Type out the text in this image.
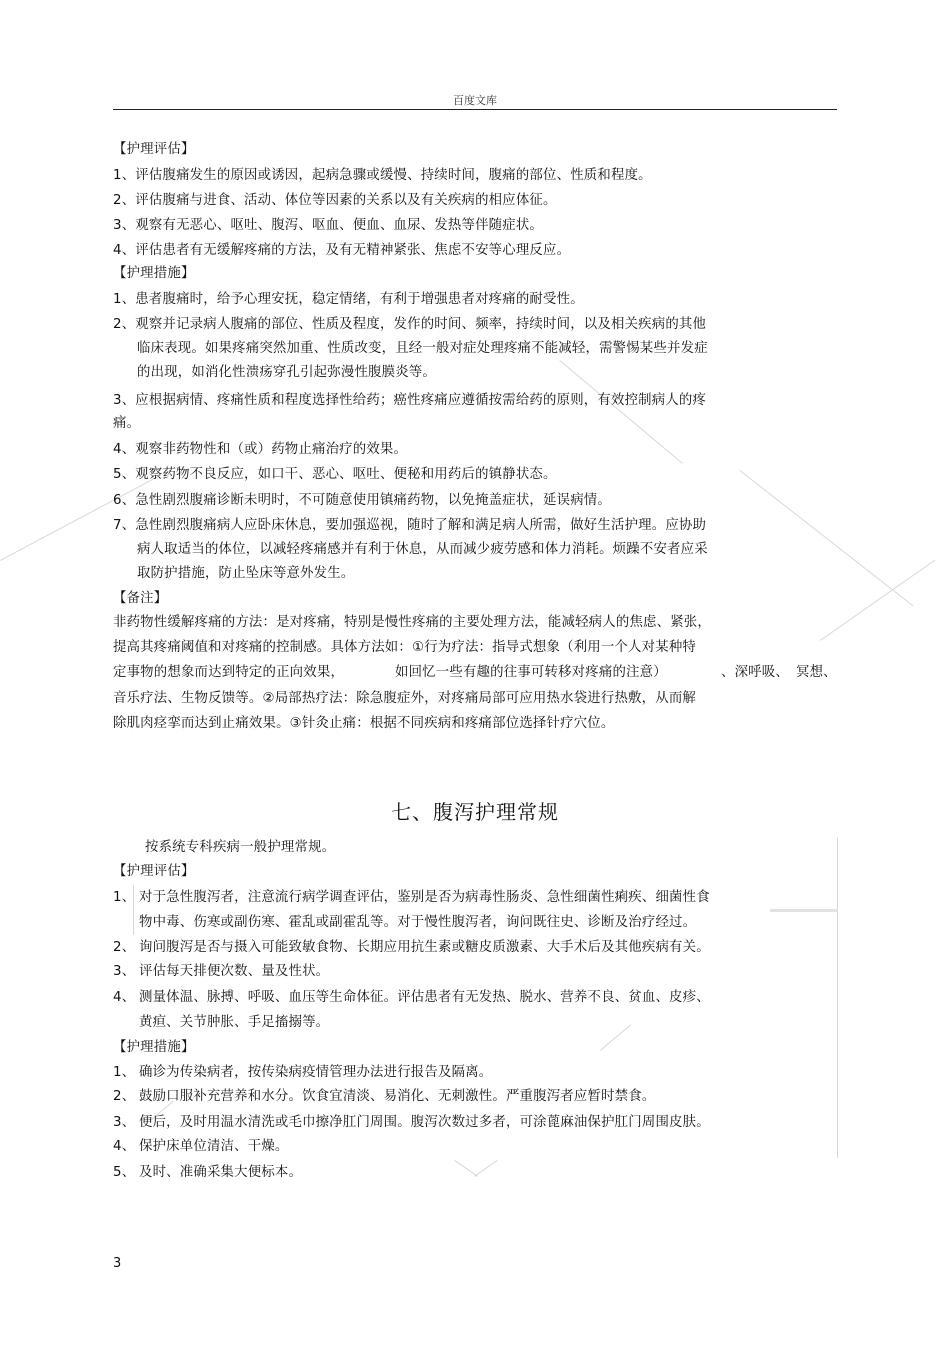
百度文库
【护理评估】
1、评估腹痛发生的原因或诱因，起病急骤或缓慢、持续时间，腹痛的部位、性质和程度。
2、评估腹痛与进食、活动、体位等因素的关系以及有关疾病的相应体征。
3、观察有无恶心、呕吐、腹泻、呕血、便血、血尿、发热等伴随症状。
4、评估患者有无缓解疼痛的方法，及有无精神紧张、焦虑不安等心理反应。
【护理措施】
1、患者腹痛时，给予心理安抚，稳定情绪，有利于增强患者对疼痛的耐受性。
2、观察并记录病人腹痛的部位、性质及程度，发作的时间、频率，持续时间，以及相关疾病的其他
临床表现。如果疼痛突然加重、性质改变，且经一般对症处理疼痛不能减轻，需警惕某些并发症
的出现，如消化性溃疡穿孔引起弥漫性腹膜炎等。
3、应根据病情、疼痛性质和程度选择性给药；癌性疼痛应遵循按需给药的原则，有效控制病人的疼
痛。
4、观察非药物性和（或）药物止痛治疗的效果。
5、观察药物不良反应，如口干、恶心、呕吐、便秘和用药后的镇静状态。
6、急性剧烈腹痛诊断未明时，不可随意使用镇痛药物，以免掩盖症状，延误病情。
7、急性剧烈腹痛病人应卧床休息，要加强巡视，随时了解和满足病人所需，做好生活护理。应协助
病人取适当的体位，以减轻疼痛感并有利于休息，从而减少疲劳感和体力消耗。烦躁不安者应采
取防护措施，防止坠床等意外发生。
【备注】
非药物性缓解疼痛的方法：是对疼痛，特别是慢性疼痛的主要处理方法，能减轻病人的焦虑、紧张，
提高其疼痛阈值和对疼痛的控制感。具体方法如：①行为疗法：指导式想象（利用一个人对某种特
定事物的想象而达到特定的正向效果，	如回忆一些有趣的往事可转移对疼痛的注意）	、深呼吸、 冥想、
音乐疗法、生物反馈等。②局部热疗法：除急腹症外，对疼痛局部可应用热水袋进行热敷，从而解
除肌肉痉挛而达到止痛效果。③针灸止痛：根据不同疾病和疼痛部位选择针疗穴位。
七、腹泻护理常规
按系统专科疾病一般护理常规。
【护理评估】
1、 对于急性腹泻者，注意流行病学调查评估，鉴别是否为病毒性肠炎、急性细菌性痢疾、细菌性食
物中毒、伤寒或副伤寒、霍乱或副霍乱等。对于慢性腹泻者，询问既往史、诊断及治疗经过。
2、 询问腹泻是否与摄入可能致敏食物、长期应用抗生素或糖皮质激素、大手术后及其他疾病有关。
3、 评估每天排便次数、量及性状。
4、 测量体温、脉搏、呼吸、血压等生命体征。评估患者有无发热、脱水、营养不良、贫血、皮疹、
黄疸、关节肿胀、手足搐搦等。
【护理措施】
1、 确诊为传染病者，按传染病疫情管理办法进行报告及隔离。
2、 鼓励口服补充营养和水分。饮食宜清淡、易消化、无刺激性。严重腹泻者应暂时禁食。
3、 便后，及时用温水清洗或毛巾擦净肛门周围。腹泻次数过多者，可涂蓖麻油保护肛门周围皮肤。
4、 保护床单位清洁、干燥。
5、 及时、准确采集大便标本。
3
